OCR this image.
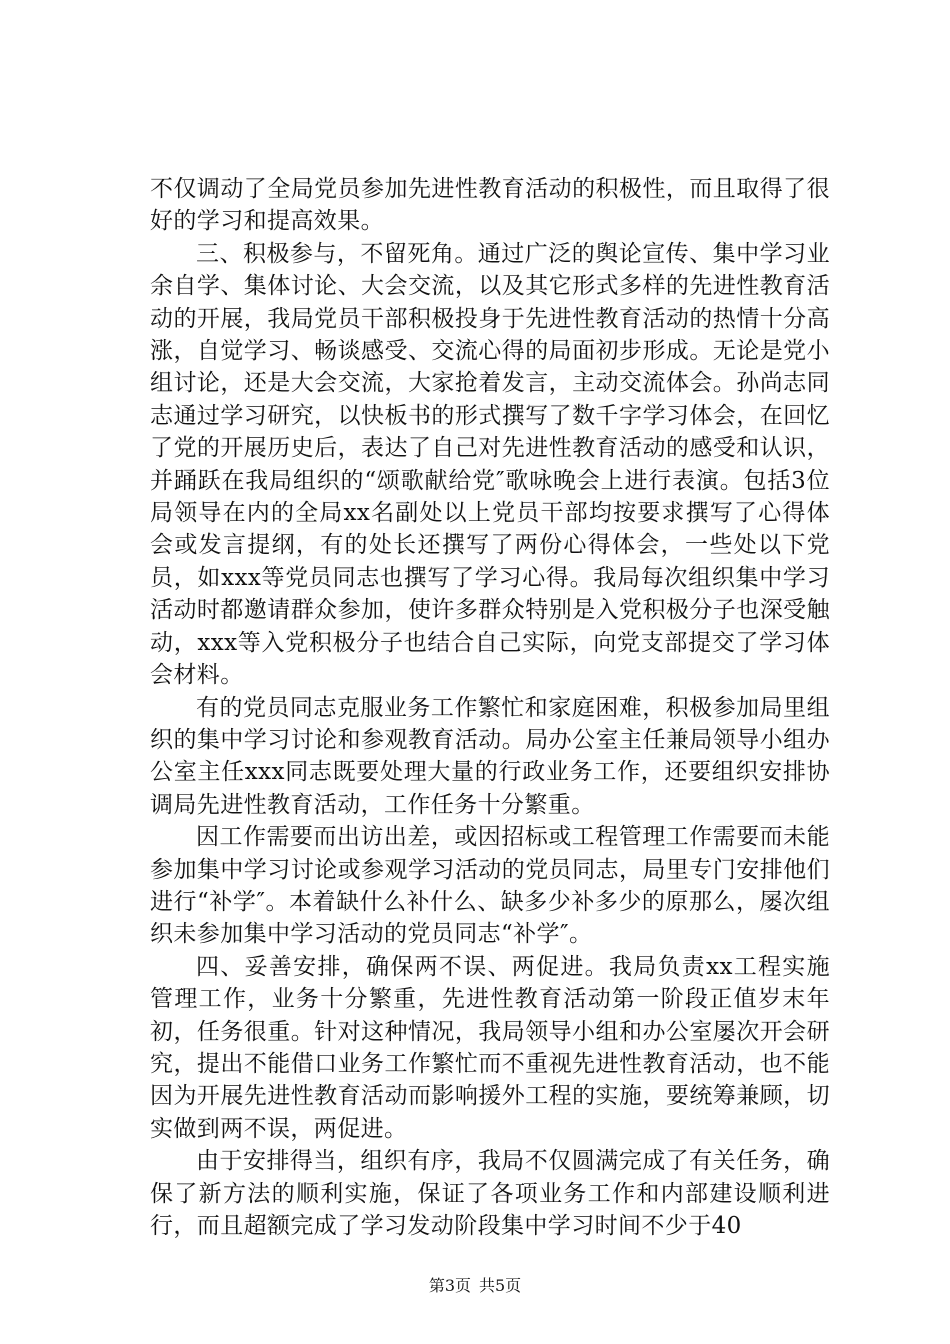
不仅调动了全局党员参加先进性教育活动的积极性，而且取得了很好的学习和提高效果。

三、积极参与，不留死角。通过广泛的舆论宣传、集中学习业余自学、集体讨论、大会交流，以及其它形式多样的先进性教育活动的开展，我局党员干部积极投身于先进性教育活动的热情十分高涨，自觉学习、畅谈感受、交流心得的局面初步形成。无论是党小组讨论，还是大会交流，大家抢着发言，主动交流体会。孙尚志同志通过学习研究，以快板书的形式撰写了数千字学习体会，在回忆了党的开展历史后，表达了自己对先进性教育活动的感受和认识，并踊跃在我局组织的“颂歌献给党″歌咏晚会上进行表演。包括3位局领导在内的全局xx名副处以上党员干部均按要求撰写了心得体会或发言提纲，有的处长还撰写了两份心得体会，一些处以下党员，如xxx等党员同志也撰写了学习心得。我局每次组织集中学习活动时都邀请群众参加，使许多群众特别是入党积极分子也深受触动，xxx等入党积极分子也结合自己实际，向党支部提交了学习体会材料。

有的党员同志克服业务工作繁忙和家庭困难，积极参加局里组织的集中学习讨论和参观教育活动。局办公室主任兼局领导小组办公室主任xxx同志既要处理大量的行政业务工作，还要组织安排协调局先进性教育活动，工作任务十分繁重。

因工作需要而出访出差，或因招标或工程管理工作需要而未能参加集中学习讨论或参观学习活动的党员同志，局里专门安排他们进行“补学″。本着缺什么补什么、缺多少补多少的原那么，屡次组织未参加集中学习活动的党员同志“补学″。

四、妥善安排，确保两不误、两促进。我局负责xx工程实施管理工作，业务十分繁重，先进性教育活动第一阶段正值岁末年初，任务很重。针对这种情况，我局领导小组和办公室屡次开会研究，提出不能借口业务工作繁忙而不重视先进性教育活动，也不能因为开展先进性教育活动而影响援外工程的实施，要统筹兼顾，切实做到两不误，两促进。

由于安排得当，组织有序，我局不仅圆满完成了有关任务，确保了新方法的顺利实施，保证了各项业务工作和内部建设顺利进行，而且超额完成了学习发动阶段集中学习时间不少于40

第3页 共5页
